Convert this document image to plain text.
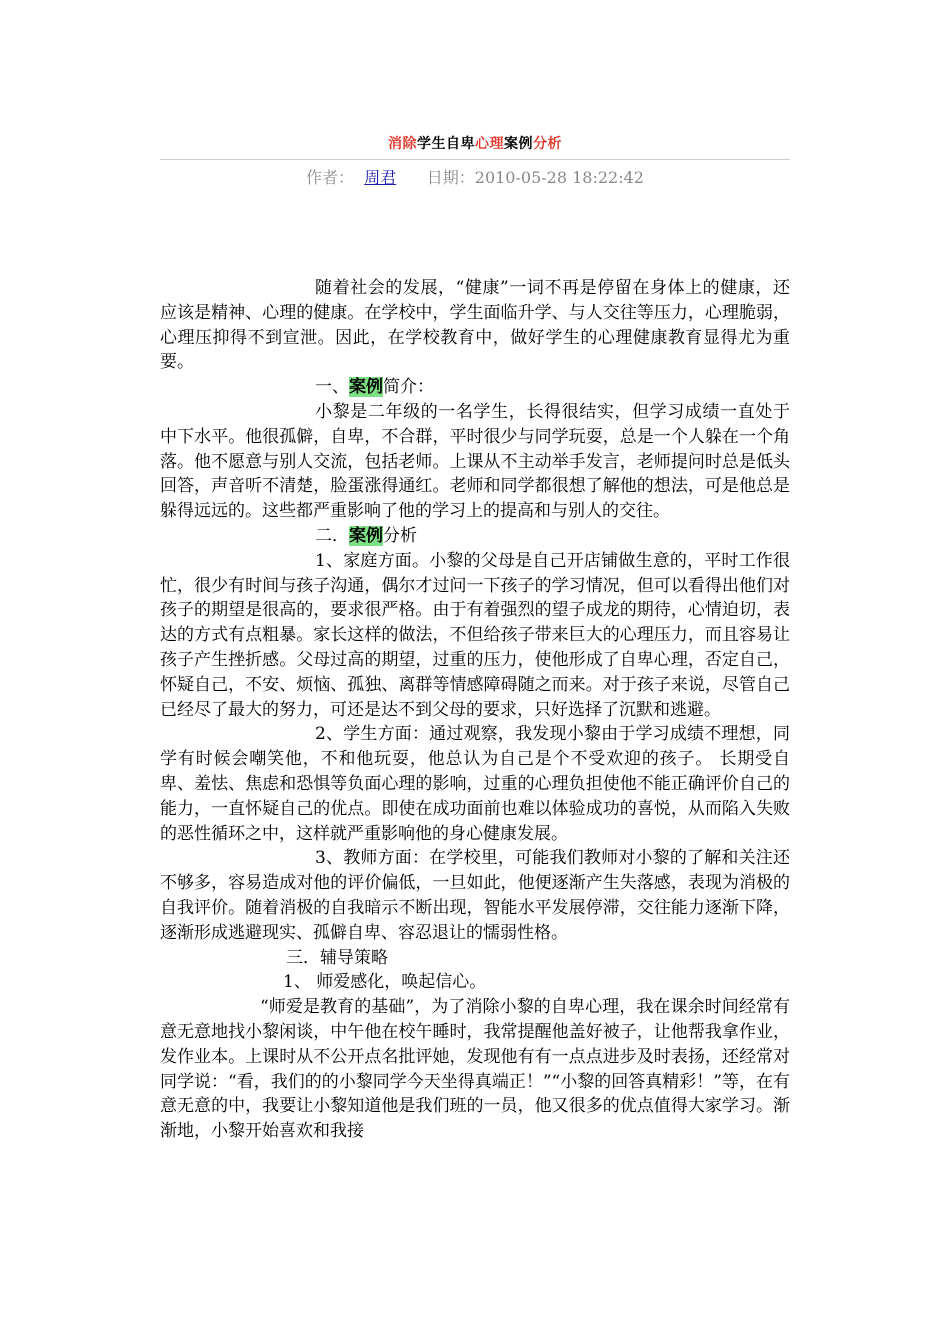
消除学生自卑心理案例分析
作者： 周君 日期：2010-05-28 18:22:42

随着社会的发展，“健康”一词不再是停留在身体上的健康，还应该是精神、心理的健康。在学校中，学生面临升学、与人交往等压力，心理脆弱，心理压抑得不到宣泄。因此，在学校教育中，做好学生的心理健康教育显得尤为重要。

一、案例简介：

小黎是二年级的一名学生，长得很结实，但学习成绩一直处于中下水平。他很孤僻，自卑，不合群，平时很少与同学玩耍，总是一个人躲在一个角落。他不愿意与别人交流，包括老师。上课从不主动举手发言，老师提问时总是低头回答，声音听不清楚，脸蛋涨得通红。老师和同学都很想了解他的想法，可是他总是躲得远远的。这些都严重影响了他的学习上的提高和与别人的交往。

二．案例分析

1、家庭方面。小黎的父母是自己开店铺做生意的，平时工作很忙，很少有时间与孩子沟通，偶尔才过问一下孩子的学习情况，但可以看得出他们对孩子的期望是很高的，要求很严格。由于有着强烈的望子成龙的期待，心情迫切，表达的方式有点粗暴。家长这样的做法，不但给孩子带来巨大的心理压力，而且容易让孩子产生挫折感。父母过高的期望，过重的压力，使他形成了自卑心理，否定自己，怀疑自己，不安、烦恼、孤独、离群等情感障碍随之而来。对于孩子来说，尽管自己已经尽了最大的努力，可还是达不到父母的要求，只好选择了沉默和逃避。

2、学生方面：通过观察，我发现小黎由于学习成绩不理想，同学有时候会嘲笑他，不和他玩耍，他总认为自己是个不受欢迎的孩子。 长期受自卑、羞怯、焦虑和恐惧等负面心理的影响，过重的心理负担使他不能正确评价自己的能力，一直怀疑自己的优点。即使在成功面前也难以体验成功的喜悦，从而陷入失败的恶性循环之中，这样就严重影响他的身心健康发展。

3、教师方面：在学校里，可能我们教师对小黎的了解和关注还不够多，容易造成对他的评价偏低，一旦如此，他便逐渐产生失落感，表现为消极的自我评价。随着消极的自我暗示不断出现，智能水平发展停滞，交往能力逐渐下降，逐渐形成逃避现实、孤僻自卑、容忍退让的懦弱性格。

三．辅导策略

1、 师爱感化，唤起信心。

“师爱是教育的基础”，为了消除小黎的自卑心理，我在课余时间经常有意无意地找小黎闲谈，中午他在校午睡时，我常提醒他盖好被子，让他帮我拿作业，发作业本。上课时从不公开点名批评她，发现他有有一点点进步及时表扬，还经常对同学说：“看，我们的的小黎同学今天坐得真端正！”“小黎的回答真精彩！”等，在有意无意的中，我要让小黎知道他是我们班的一员，他又很多的优点值得大家学习。渐渐地，小黎开始喜欢和我接
